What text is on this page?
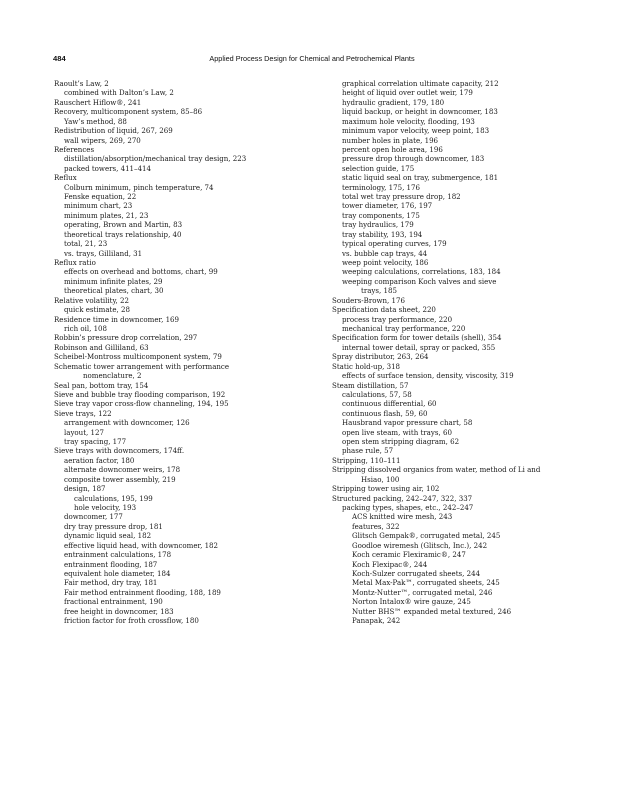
484	Applied Process Design for Chemical and Petrochemical Plants
Raoult’s Law, 2
combined with Dalton’s Law, 2
Rauschert Hiflow®, 241
Recovery, multicomponent system, 85–86
Yaw’s method, 88
Redistribution of liquid, 267, 269
wall wipers, 269, 270
References
distillation/absorption/mechanical tray design, 223
packed towers, 411–414
Reflux
Colburn minimum, pinch temperature, 74
Fenske equation, 22
minimum chart, 23
minimum plates, 21, 23
operating, Brown and Martin, 83
theoretical trays relationship, 40
total, 21, 23
vs. trays, Gilliland, 31
Reflux ratio
effects on overhead and bottoms, chart, 99
minimum infinite plates, 29
theoretical plates, chart, 30
Relative volatility, 22
quick estimate, 28
Residence time in downcomer, 169
rich oil, 108
Robbin’s pressure drop correlation, 297
Robinson and Gilliland, 63
Scheibel-Montross multicomponent system, 79
Schematic tower arrangement with performance
nomenclature, 2
Seal pan, bottom tray, 154
Sieve and bubble tray flooding comparison, 192
Sieve tray vapor cross-flow channeling, 194, 195
Sieve trays, 122
arrangement with downcomer, 126
layout, 127
tray spacing, 177
Sieve trays with downcomers, 174ff.
aeration factor, 180
alternate downcomer weirs, 178
composite tower assembly, 219
design, 187
calculations, 195, 199
hole velocity, 193
downcomer, 177
dry tray pressure drop, 181
dynamic liquid seal, 182
effective liquid head, with downcomer, 182
entrainment calculations, 178
entrainment flooding, 187
equivalent hole diameter, 184
Fair method, dry tray, 181
Fair method entrainment flooding, 188, 189
fractional entrainment, 190
free height in downcomer, 183
friction factor for froth crossflow, 180
graphical correlation ultimate capacity, 212
height of liquid over outlet weir, 179
hydraulic gradient, 179, 180
liquid backup, or height in downcomer, 183
maximum hole velocity, flooding, 193
minimum vapor velocity, weep point, 183
number holes in plate, 196
percent open hole area, 196
pressure drop through downcomer, 183
selection guide, 175
static liquid seal on tray, submergence, 181
terminology, 175, 176
total wet tray pressure drop, 182
tower diameter, 176, 197
tray components, 175
tray hydraulics, 179
tray stability, 193, 194
typical operating curves, 179
vs. bubble cap trays, 44
weep point velocity, 186
weeping calculations, correlations, 183, 184
weeping comparison Koch valves and sieve
trays, 185
Souders-Brown, 176
Specification data sheet, 220
process tray performance, 220
mechanical tray performance, 220
Specification form for tower details (shell), 354
internal tower detail, spray or packed, 355
Spray distributor, 263, 264
Static hold-up, 318
effects of surface tension, density, viscosity, 319
Steam distillation, 57
calculations, 57, 58
continuous differential, 60
continuous flash, 59, 60
Hausbrand vapor pressure chart, 58
open live steam, with trays, 60
open stem stripping diagram, 62
phase rule, 57
Stripping, 110–111
Stripping dissolved organics from water, method of Li and
Hsiao, 100
Stripping tower using air, 102
Structured packing, 242–247, 322, 337
packing types, shapes, etc., 242–247
ACS knitted wire mesh, 243
features, 322
Glitsch Gempak®, corrugated metal, 245
Goodloe wiremesh (Glitsch, Inc.), 242
Koch ceramic Flexiramic®, 247
Koch Flexipac®, 244
Koch-Sulzer corrugated sheets, 244
Metal Max-Pak™, corrugated sheets, 245
Montz-Nutter™, corrugated metal, 246
Norton Intalox® wire gauze, 245
Nutter BHS™ expanded metal textured, 246
Panapak, 242
